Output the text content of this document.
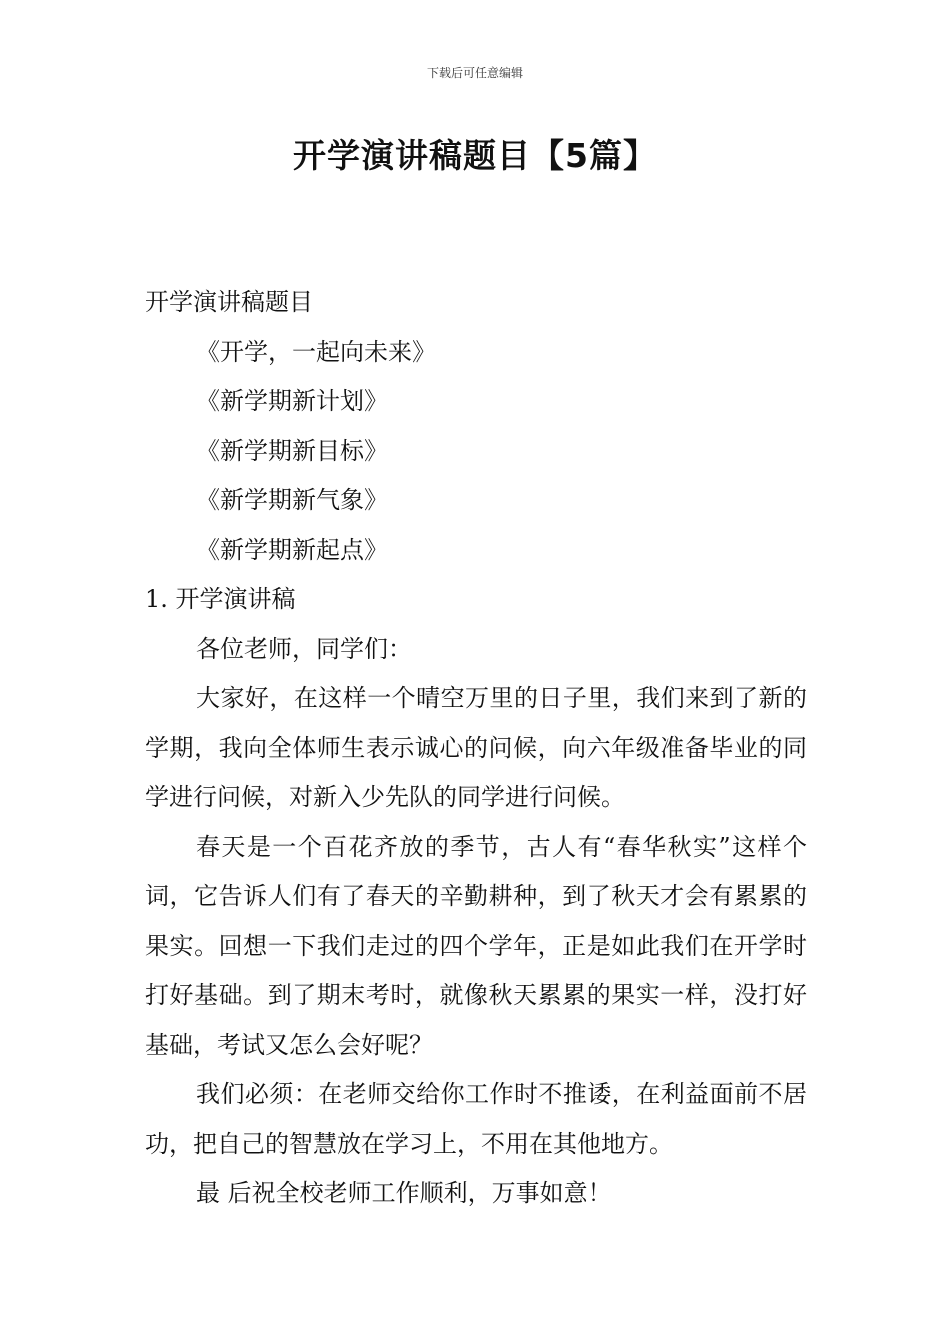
下载后可任意编辑
开学演讲稿题目【5篇】
开学演讲稿题目
《开学，一起向未来》
《新学期新计划》
《新学期新目标》
《新学期新气象》
《新学期新起点》
1. 开学演讲稿
各位老师，同学们：

大家好，在这样一个晴空万里的日子里，我们来到了新的学期，我向全体师生表示诚心的问候，向六年级准备毕业的同学进行问候，对新入少先队的同学进行问候。

春天是一个百花齐放的季节，古人有“春华秋实”这样个词，它告诉人们有了春天的辛勤耕种，到了秋天才会有累累的果实。回想一下我们走过的四个学年，正是如此我们在开学时打好基础。到了期末考时，就像秋天累累的果实一样，没打好基础，考试又怎么会好呢？

我们必须：在老师交给你工作时不推诿，在利益面前不居功，把自己的智慧放在学习上，不用在其他地方。

最 后祝全校老师工作顺利，万事如意！
